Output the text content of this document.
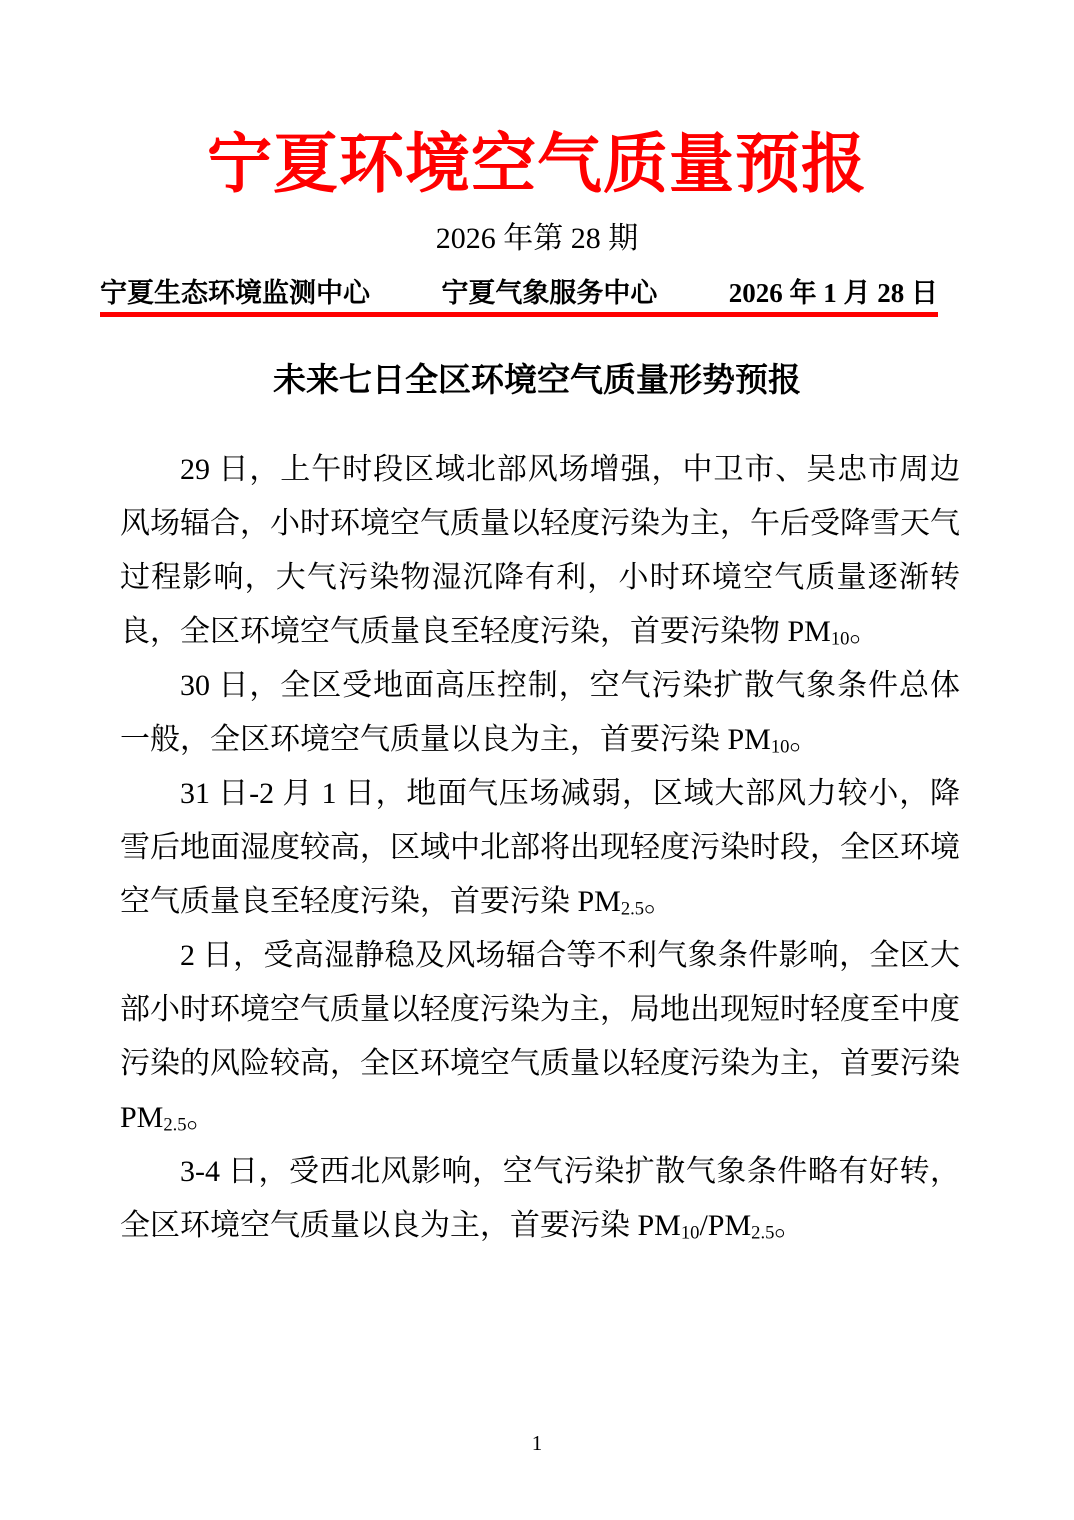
宁夏环境空气质量预报
2026 年第 28 期
宁夏生态环境监测中心	宁夏气象服务中心	2026 年 1 月 28 日
未来七日全区环境空气质量形势预报

29 日，上午时段区域北部风场增强，中卫市、吴忠市周边风场辐合，小时环境空气质量以轻度污染为主，午后受降雪天气过程影响，大气污染物湿沉降有利，小时环境空气质量逐渐转良，全区环境空气质量良至轻度污染，首要污染物 $PM_{10}$。

30 日，全区受地面高压控制，空气污染扩散气象条件总体一般，全区环境空气质量以良为主，首要污染 $PM_{10}$。

31 日-2 月 1 日，地面气压场减弱，区域大部风力较小，降雪后地面湿度较高，区域中北部将出现轻度污染时段，全区环境空气质量良至轻度污染，首要污染 $PM_{2.5}$。

2 日，受高湿静稳及风场辐合等不利气象条件影响，全区大部小时环境空气质量以轻度污染为主，局地出现短时轻度至中度污染的风险较高，全区环境空气质量以轻度污染为主，首要污染 $PM_{2.5}$。

3-4 日，受西北风影响，空气污染扩散气象条件略有好转，全区环境空气质量以良为主，首要污染 $PM_{10}/PM_{2.5}$。

1
